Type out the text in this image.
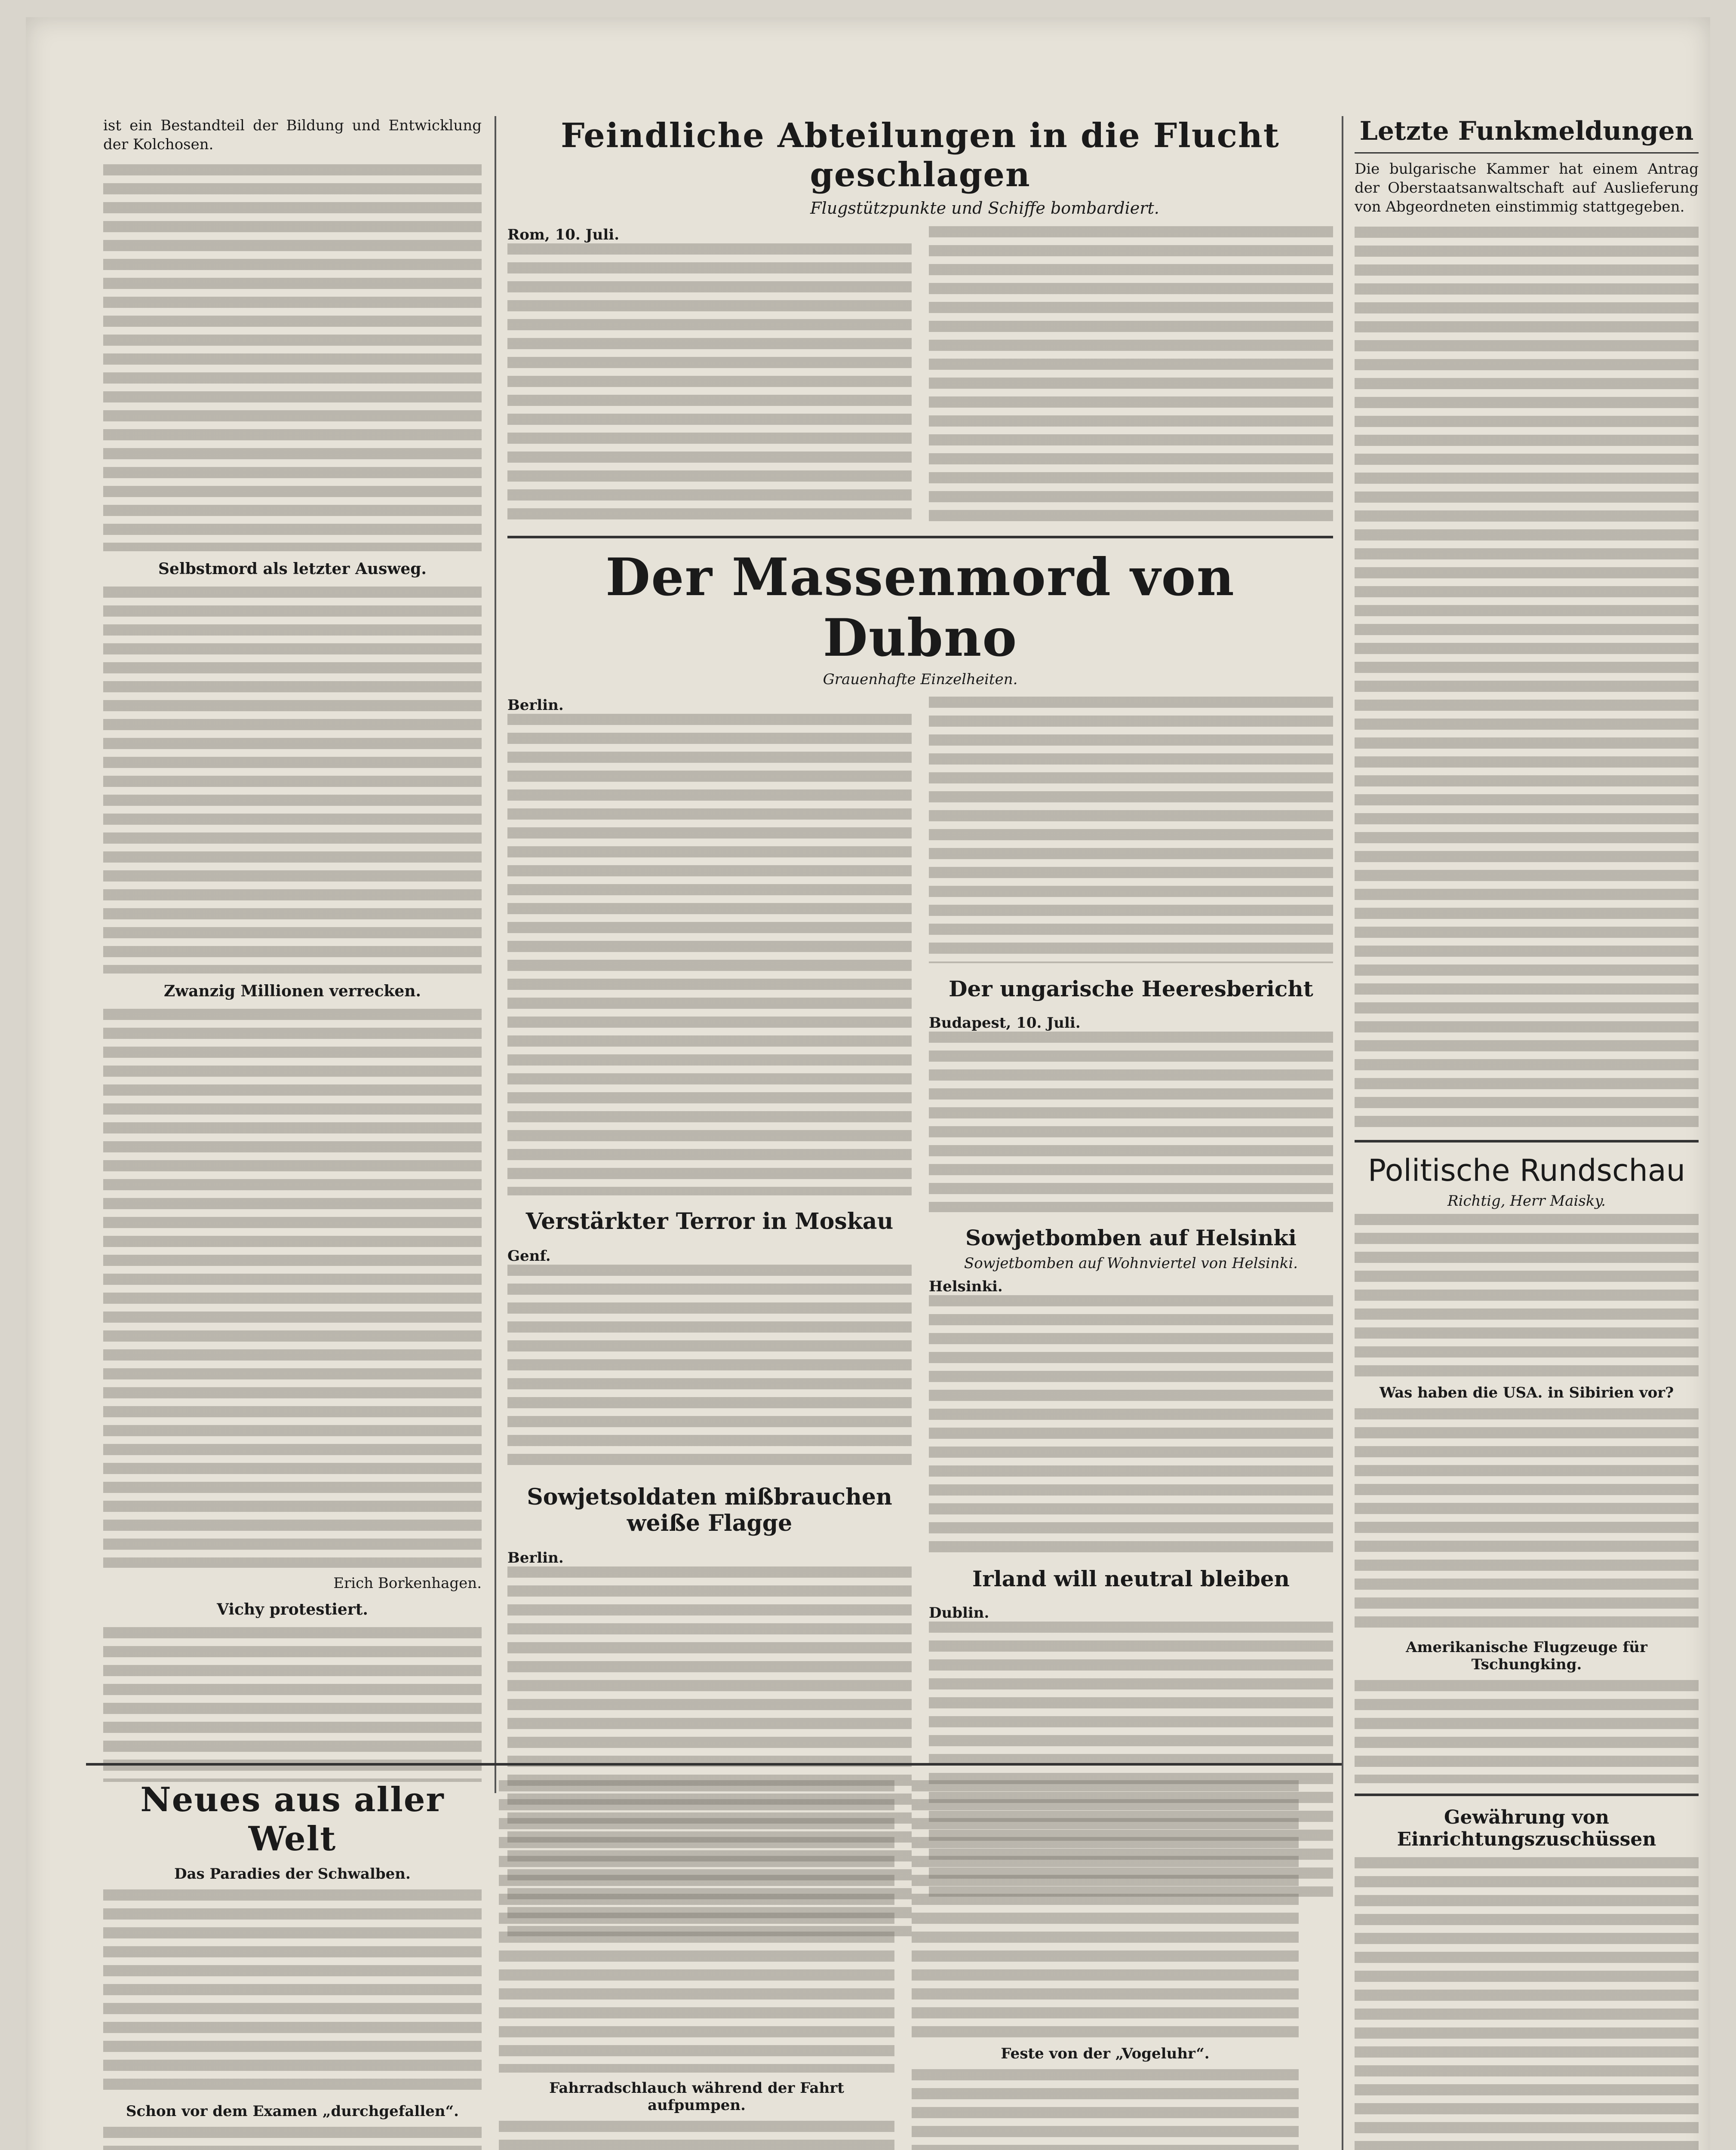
ist ein Bestandteil der Bildung und Entwicklung der Kolchosen.

Selbstmord als letzter Ausweg.
Zwanzig Millionen verrecken.
Erich Borkenhagen.
Vichy protestiert.
Feindliche Abteilungen in die Flucht geschlagen
Flugstützpunkte und Schiffe bombardiert.
Rom, 10. Juli.
Der Massenmord von Dubno
Grauenhafte Einzelheiten.
Berlin.
Verstärkter Terror in Moskau
Genf.
Sowjetsoldaten mißbrauchen weiße Flagge
Berlin.
Der ungarische Heeresbericht
Budapest, 10. Juli.
Sowjetbomben auf Helsinki
Sowjetbomben auf Wohnviertel von Helsinki.
Helsinki.
Irland will neutral bleiben
Dublin.
Letzte Funkmeldungen

Die bulgarische Kammer hat einem Antrag der Oberstaatsanwaltschaft auf Auslieferung von Abgeordneten einstimmig stattgegeben.

Politische Rundschau
Richtig, Herr Maisky.
Was haben die USA. in Sibirien vor?
Amerikanische Flugzeuge für Tschungking.
Gewährung von Einrichtungszuschüssen
Neues aus aller Welt
Das Paradies der Schwalben.
Schon vor dem Examen „durchgefallen“.
Fahrradschlauch während der Fahrt aufpumpen.
Feste von der „Vogeluhr“.
